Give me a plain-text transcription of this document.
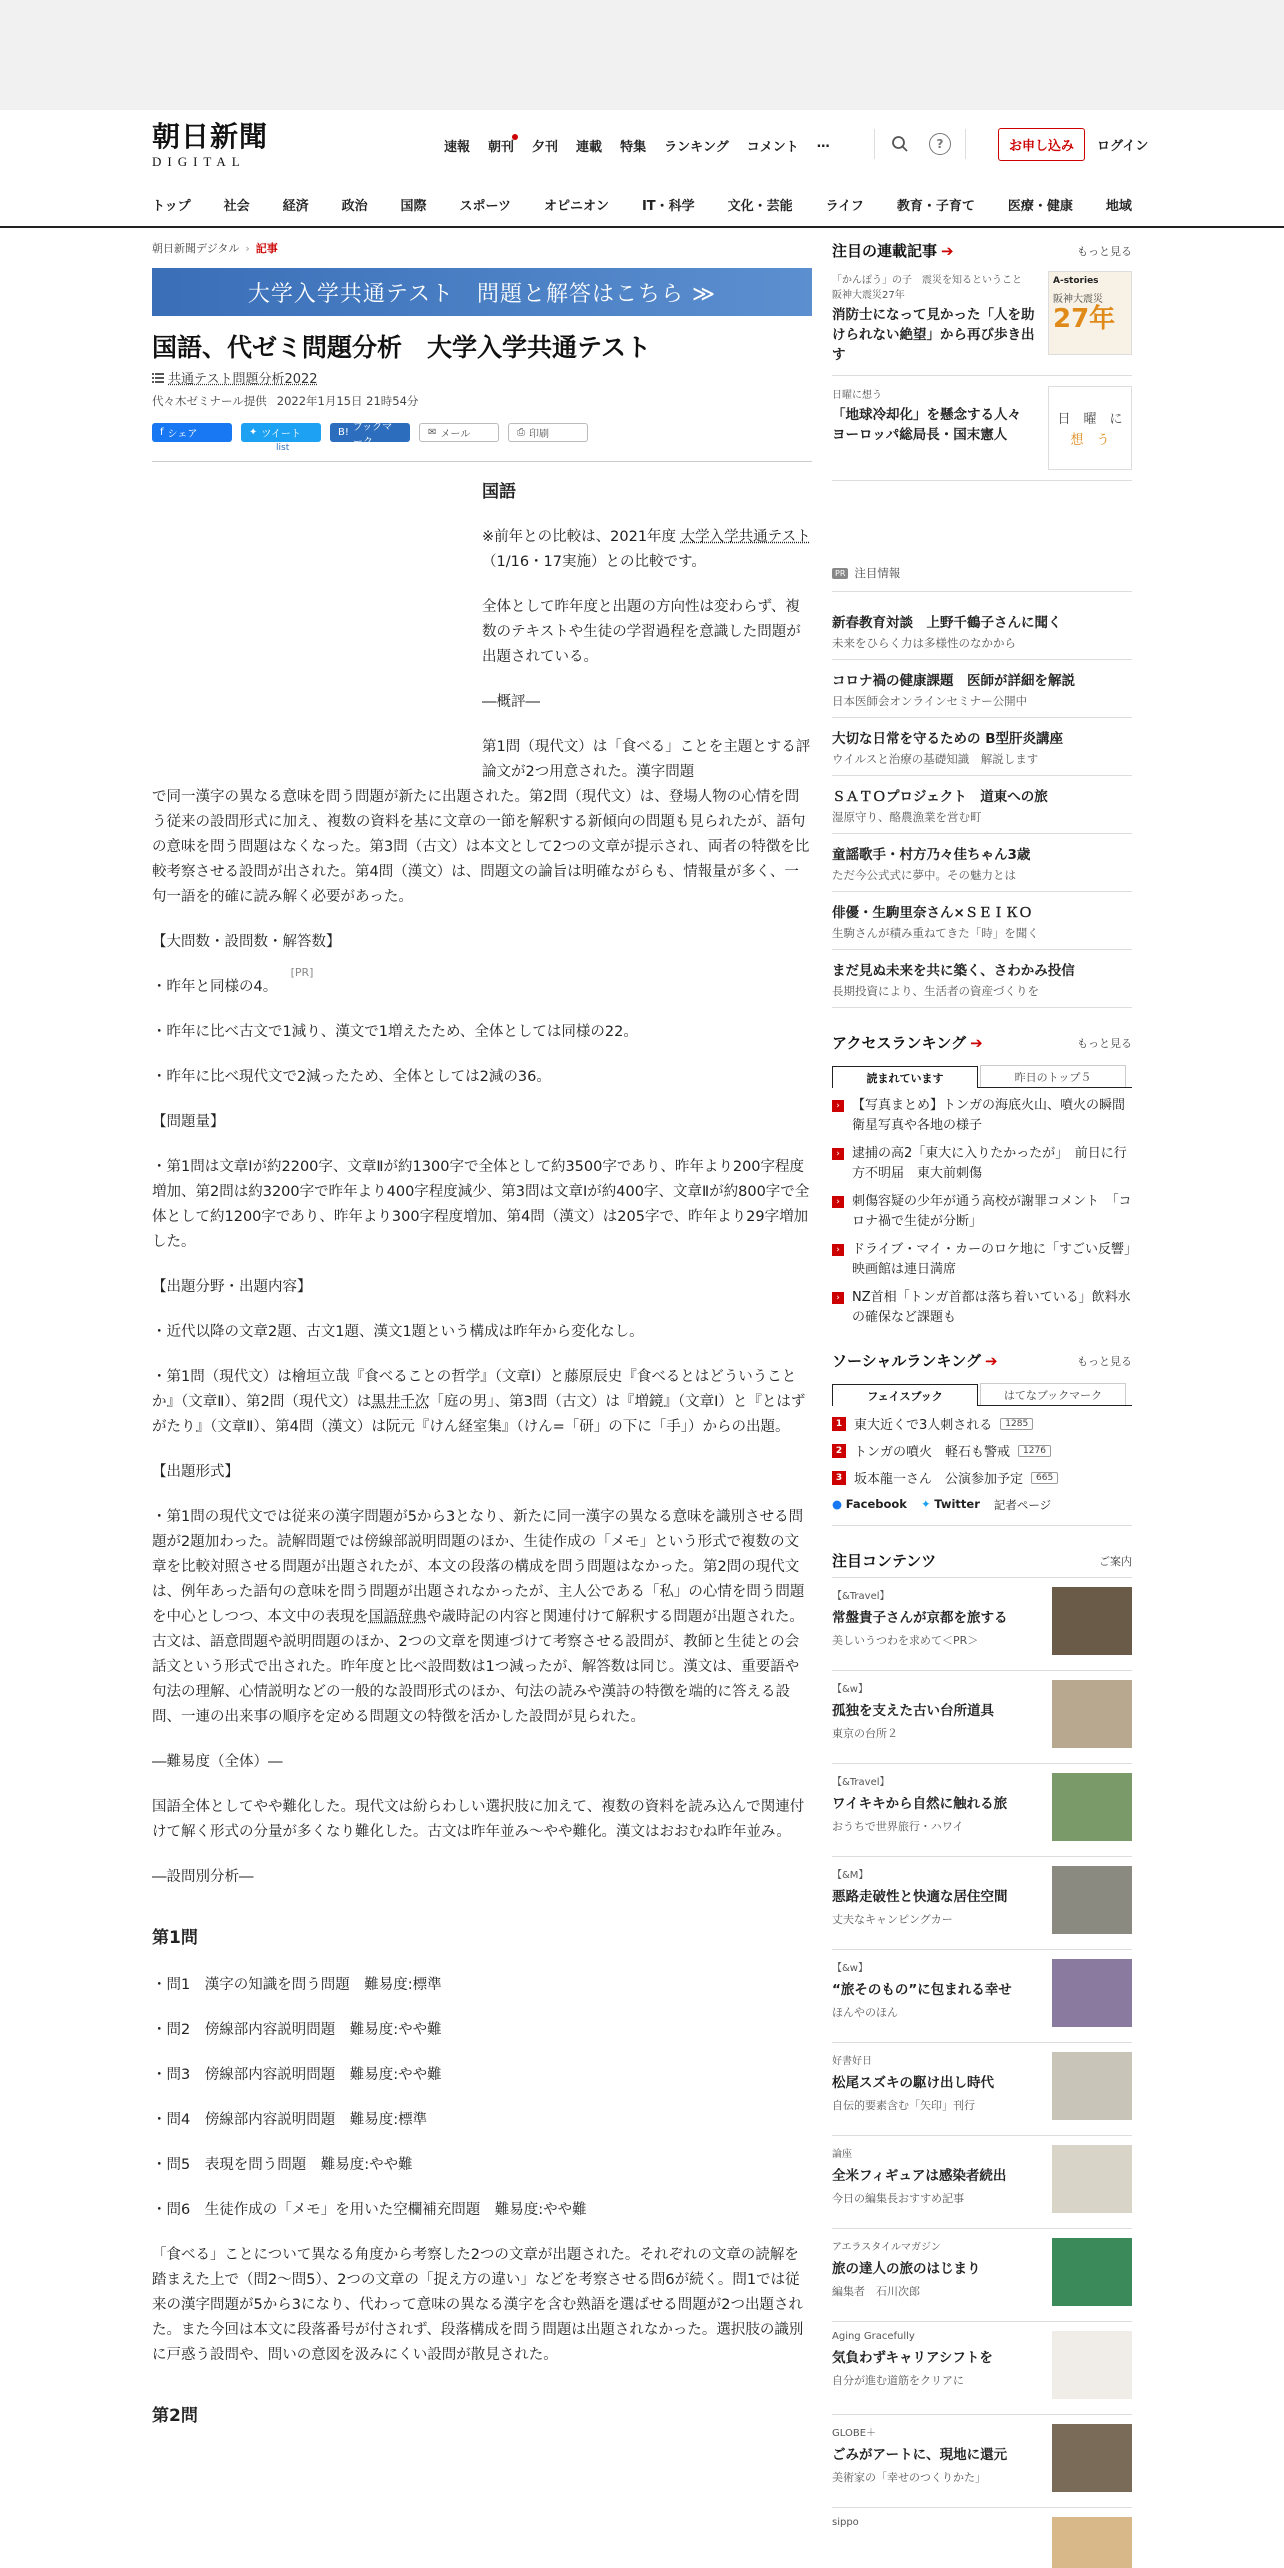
朝日新聞
DIGITAL
速報 朝刊 夕刊 連載 特集 ランキング コメント …	?	お申し込み	ログイン
トップ	社会	経済	政治	国際	スポーツ	オピニオン	IT・科学	文化・芸能	ライフ	教育・子育て	医療・健康	地域
朝日新聞デジタル › 記事
大学入学共通テスト　問題と解答はこちら ≫
国語、代ゼミ問題分析　大学入学共通テスト
共通テスト問題分析2022
代々木ゼミナール提供 2022年1月15日 21時54分
f シェア	✦ ツイート	B! ブックマーク
✉ メール	⎙ 印刷
list
[PR]
国語

※前年との比較は、2021年度 大学入学共通テスト （1/16・17実施）との比較です。

全体として昨年度と出題の方向性は変わらず、複数のテキストや生徒の学習過程を意識した問題が出題されている。

―概評―

第1問（現代文）は「食べる」ことを主題とする評論文が2つ用意された。漢字問題

で同一漢字の異なる意味を問う問題が新たに出題された。第2問（現代文）は、登場人物の心情を問う従来の設問形式に加え、複数の資料を基に文章の一節を解釈する新傾向の問題も見られたが、語句の意味を問う問題はなくなった。第3問（古文）は本文として2つの文章が提示され、両者の特徴を比較考察させる設問が出された。第4問（漢文）は、問題文の論旨は明確ながらも、情報量が多く、一句一語を的確に読み解く必要があった。

【大問数・設問数・解答数】

・昨年と同様の4。

・昨年に比べ古文で1減り、漢文で1増えたため、全体としては同様の22。

・昨年に比べ現代文で2減ったため、全体としては2減の36。

【問題量】

・第1問は文章Ⅰが約2200字、文章Ⅱが約1300字で全体として約3500字であり、昨年より200字程度増加、第2問は約3200字で昨年より400字程度減少、第3問は文章Ⅰが約400字、文章Ⅱが約800字で全体として約1200字であり、昨年より300字程度増加、第4問（漢文）は205字で、昨年より29字増加した。

【出題分野・出題内容】

・近代以降の文章2題、古文1題、漢文1題という構成は昨年から変化なし。

・第1問（現代文）は檜垣立哉『食べることの哲学』（文章Ⅰ）と藤原辰史『食べるとはどういうことか』（文章Ⅱ）、第2問（現代文）は黒井千次「庭の男」、第3問（古文）は『増鏡』（文章Ⅰ）と『とはずがたり』（文章Ⅱ）、第4問（漢文）は阮元『けん経室集』（けん=「研」の下に「手」）からの出題。

【出題形式】

・第1問の現代文では従来の漢字問題が5から3となり、新たに同一漢字の異なる意味を識別させる問題が2題加わった。読解問題では傍線部説明問題のほか、生徒作成の「メモ」という形式で複数の文章を比較対照させる問題が出題されたが、本文の段落の構成を問う問題はなかった。第2問の現代文は、例年あった語句の意味を問う問題が出題されなかったが、主人公である「私」の心情を問う問題を中心としつつ、本文中の表現を国語辞典や歳時記の内容と関連付けて解釈する問題が出題された。古文は、語意問題や説明問題のほか、2つの文章を関連づけて考察させる設問が、教師と生徒との会話文という形式で出された。昨年度と比べ設問数は1つ減ったが、解答数は同じ。漢文は、重要語や句法の理解、心情説明などの一般的な設問形式のほか、句法の読みや漢詩の特徴を端的に答える設問、一連の出来事の順序を定める問題文の特徴を活かした設問が見られた。

―難易度（全体）―

国語全体としてやや難化した。現代文は紛らわしい選択肢に加えて、複数の資料を読み込んで関連付けて解く形式の分量が多くなり難化した。古文は昨年並み～やや難化。漢文はおおむね昨年並み。

―設問別分析―

第1問

・問1　漢字の知識を問う問題　難易度:標準

・問2　傍線部内容説明問題　難易度:やや難

・問3　傍線部内容説明問題　難易度:やや難

・問4　傍線部内容説明問題　難易度:標準

・問5　表現を問う問題　難易度:やや難

・問6　生徒作成の「メモ」を用いた空欄補充問題　難易度:やや難

「食べる」ことについて異なる角度から考察した2つの文章が出題された。それぞれの文章の読解を踏まえた上で（問2～問5）、2つの文章の「捉え方の違い」などを考察させる問6が続く。問1では従来の漢字問題が5から3になり、代わって意味の異なる漢字を含む熟語を選ばせる問題が2つ出題された。また今回は本文に段落番号が付されず、段落構成を問う問題は出題されなかった。選択肢の識別に戸惑う設問や、問いの意図を汲みにくい設問が散見された。

第2問
注目の連載記事 ➔	もっと見る
「かんぽう」の子　震災を知るということ　阪神大震災27年
消防士になって見かった「人を助けられない絶望」から再び歩き出す
A-stories
阪神大震災
27年
日曜に想う
「地球冷却化」を懸念する人々　ヨーロッパ総局長・国末憲人
日　曜　に
想　う
PR 注目情報
新春教育対談　上野千鶴子さんに聞く
未来をひらく力は多様性のなかから
コロナ禍の健康課題　医師が詳細を解説
日本医師会オンラインセミナー公開中
大切な日常を守るための B型肝炎講座
ウイルスと治療の基礎知識　解説します
ＳＡＴＯプロジェクト　道東への旅
湿原守り、酪農漁業を営む町
童謡歌手・村方乃々佳ちゃん3歳
ただ今公式式に夢中。その魅力とは
俳優・生駒里奈さん×ＳＥＩＫＯ
生駒さんが積み重ねてきた「時」を聞く
まだ見ぬ未来を共に築く、さわかみ投信
長期投資により、生活者の資産づくりを
アクセスランキング ➔	もっと見る
読まれています	昨日のトップ５
› 【写真まとめ】トンガの海底火山、噴火の瞬間　衛星写真や各地の様子
› 逮捕の高2「東大に入りたかったが」　前日に行方不明届　東大前刺傷
› 刺傷容疑の少年が通う高校が謝罪コメント　「コロナ禍で生徒が分断」
› ドライブ・マイ・カーのロケ地に「すごい反響」　映画館は連日満席
› NZ首相「トンガ首都は落ち着いている」飲料水の確保など課題も
ソーシャルランキング ➔	もっと見る
フェイスブック	はてなブックマーク
1 東大近くで3人刺される	1285
2 トンガの噴火　軽石も警戒	1276
3 坂本龍一さん　公演参加予定	665
● Facebook ✦ Twitter 記者ページ
注目コンテンツ	ご案内
【&Travel】
常盤貴子さんが京都を旅する
美しいうつわを求めて＜PR＞
【&w】
孤独を支えた古い台所道具
東京の台所２
【&Travel】
ワイキキから自然に触れる旅
おうちで世界旅行・ハワイ
【&M】
悪路走破性と快適な居住空間
丈夫なキャンピングカー
【&w】
“旅そのもの”に包まれる幸せ
ほんやのほん
好書好日
松尾スズキの駆け出し時代
自伝的要素含む「矢印」刊行
論座
全米フィギュアは感染者続出
今日の編集長おすすめ記事
アエラスタイルマガジン
旅の達人の旅のはじまり
編集者　石川次郎
Aging Gracefully
気負わずキャリアシフトを
自分が進む道筋をクリアに
GLOBE＋
ごみがアートに、現地に還元
美術家の「幸せのつくりかた」
sippo
